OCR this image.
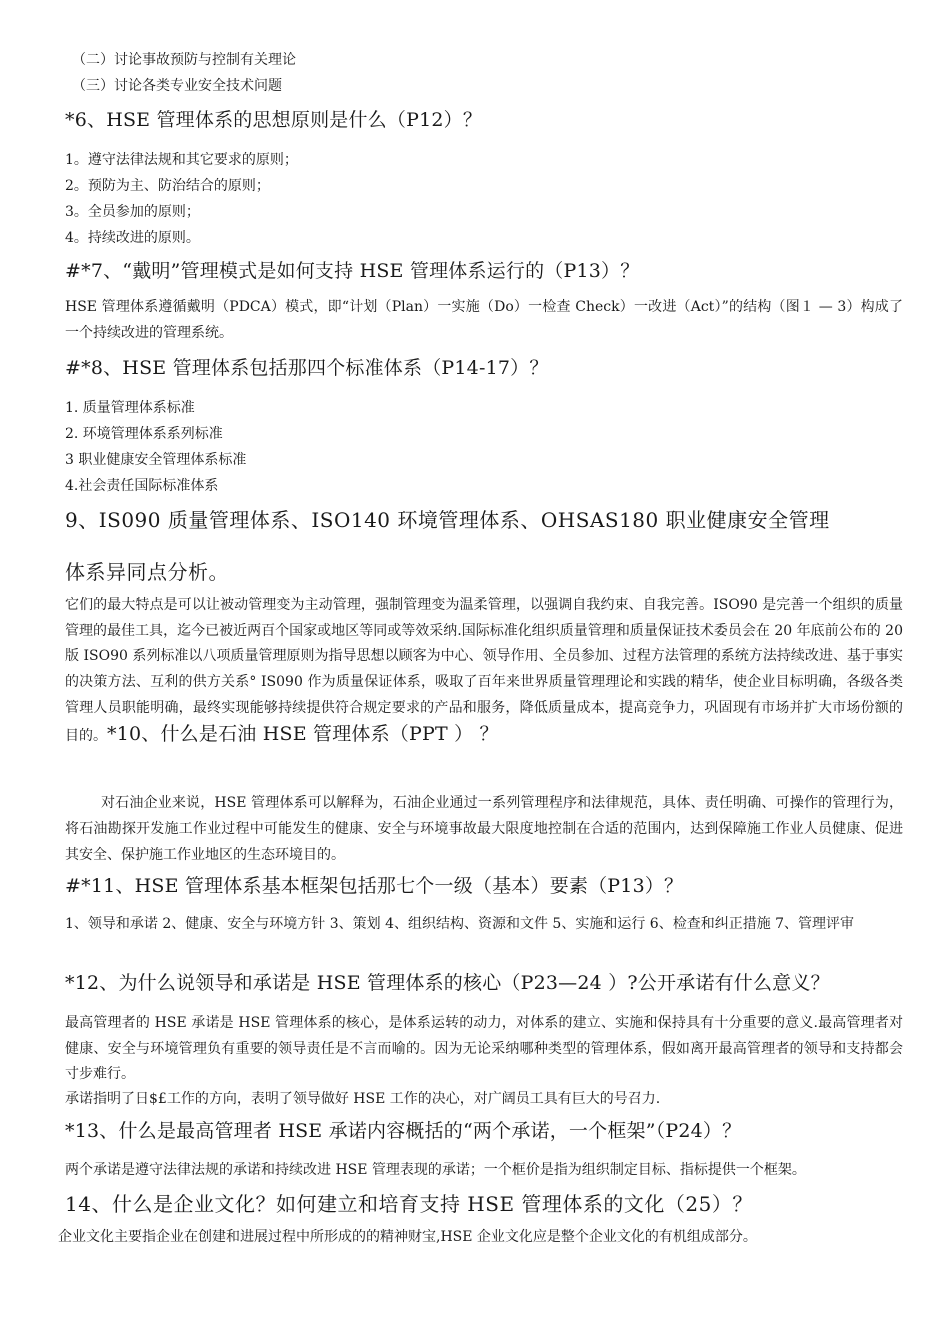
（二）讨论事故预防与控制有关理论
（三）讨论各类专业安全技术问题
*6、HSE 管理体系的思想原则是什么（P12）？
1。遵守法律法规和其它要求的原则；
2。预防为主、防治结合的原则；
3。全员参加的原则；
4。持续改进的原则。
#*7、“戴明”管理模式是如何支持 HSE 管理体系运行的（P13）？
HSE 管理体系遵循戴明（PDCA）模式，即“计划（Plan）一实施（Do）一检查 Check）一改进（Act）”的结构（图１ — 3）构成了 一个持续改进的管理系统。
#*8、HSE 管理体系包括那四个标准体系（P14-17）？
1. 质量管理体系标准
2. 环境管理体系系列标准
3 职业健康安全管理体系标准
4.社会责任国际标准体系
9、IS090 质量管理体系、ISO140 环境管理体系、OHSAS180 职业健康安全管理
体系异同点分析。
它们的最大特点是可以让被动管理变为主动管理，强制管理变为温柔管理，以强调自我约束、自我完善。ISO90 是完善一个组织的质量管理的最佳工具，迄今已被近两百个国家或地区等同或等效采纳.国际标准化组织质量管理和质量保证技术委员会在 20 年底前公布的 20 版 ISO90 系列标准以八项质量管理原则为指导思想以顾客为中心、领导作用、全员参加、过程方法管理的系统方法持续改进、基于事实的决策方法、互利的供方关系° IS090 作为质量保证体系，吸取了百年来世界质量管理理论和实践的精华，使企业目标明确，各级各类管理人员职能明确，最终实现能够持续提供符合规定要求的产品和服务，降低质量成本，提高竞争力，巩固现有市场并扩大市场份额的目的。*10、什么是石油 HSE 管理体系（PPT ） ？
对石油企业来说，HSE 管理体系可以解释为，石油企业通过一系列管理程序和法律规范，具体、责任明确、可操作的管理行为，将石油勘探开发施工作业过程中可能发生的健康、安全与环境事故最大限度地控制在合适的范围内，达到保障施工作业人员健康、促进其安全、保护施工作业地区的生态环境目的。
#*11、HSE 管理体系基本框架包括那七个一级（基本）要素（P13）？
1、领导和承诺 2、健康、安全与环境方针 3、策划 4、组织结构、资源和文件 5、实施和运行 6、检查和纠正措施 7、管理评审
*12、为什么说领导和承诺是 HSE 管理体系的核心（P23—24 ）?公开承诺有什么意义？
最高管理者的 HSE 承诺是 HSE 管理体系的核心，是体系运转的动力，对体系的建立、实施和保持具有十分重要的意义.最高管理者对健康、安全与环境管理负有重要的领导责任是不言而喻的。因为无论采纳哪种类型的管理体系，假如离开最高管理者的领导和支持都会寸步难行。
承诺指明了日$£工作的方向，表明了领导做好 HSE 工作的决心，对广阔员工具有巨大的号召力.
*13、什么是最高管理者 HSE 承诺内容概括的“两个承诺，一个框架”（P24）？
两个承诺是遵守法律法规的承诺和持续改进 HSE 管理表现的承诺；一个框价是指为组织制定目标、指标提供一个框架。
14、什么是企业文化？如何建立和培育支持 HSE 管理体系的文化（25）？
企业文化主要指企业在创建和进展过程中所形成的的精神财宝,HSE 企业文化应是整个企业文化的有机组成部分。
